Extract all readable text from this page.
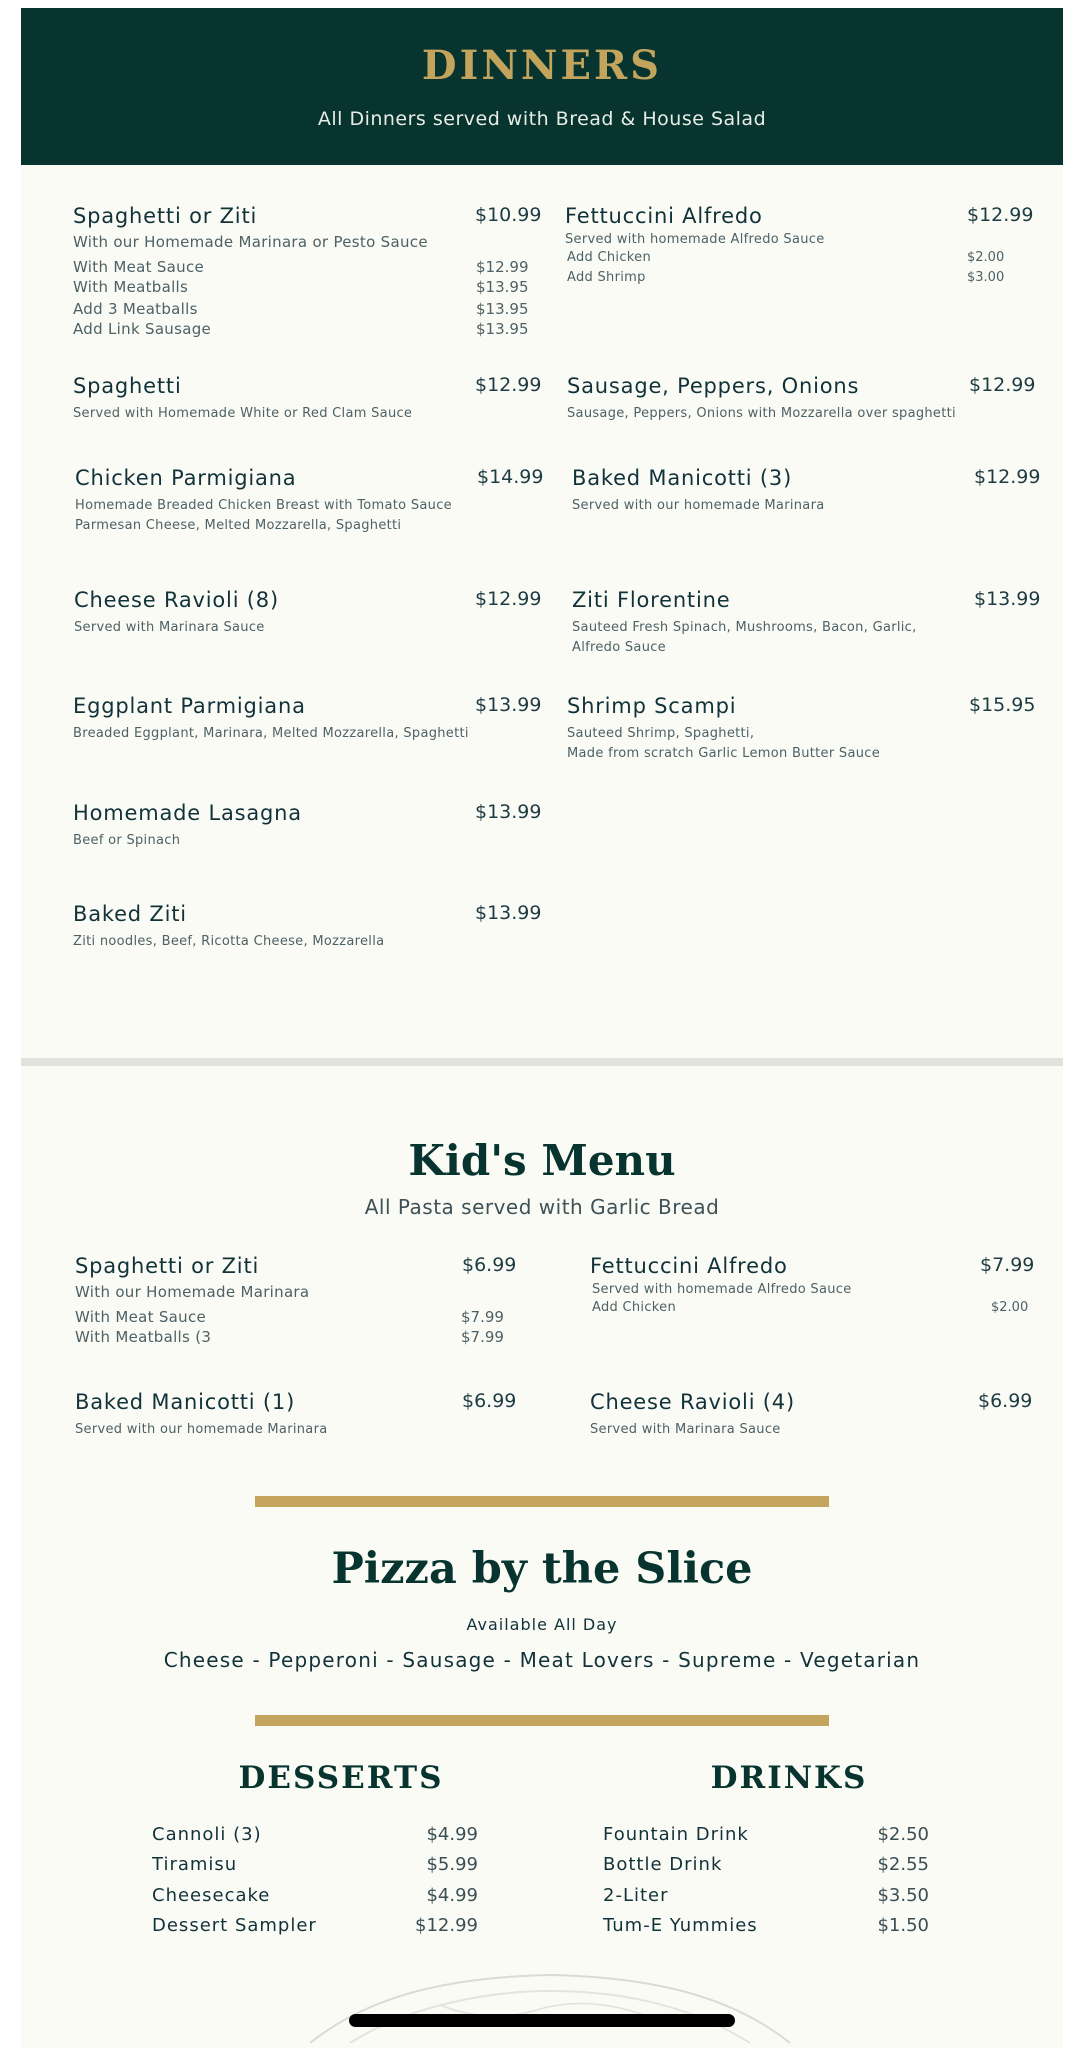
DINNERS
All Dinners served with Bread & House Salad
Spaghetti or Ziti	$10.99
With our Homemade Marinara or Pesto Sauce
With Meat Sauce	$12.99
With Meatballs	$13.95
Add 3 Meatballs	$13.95
Add Link Sausage	$13.95
Spaghetti	$12.99
Served with Homemade White or Red Clam Sauce
Chicken Parmigiana	$14.99
Homemade Breaded Chicken Breast with Tomato Sauce
Parmesan Cheese, Melted Mozzarella, Spaghetti
Cheese Ravioli (8)	$12.99
Served with Marinara Sauce
Eggplant Parmigiana	$13.99
Breaded Eggplant, Marinara, Melted Mozzarella, Spaghetti
Homemade Lasagna	$13.99
Beef or Spinach
Baked Ziti	$13.99
Ziti noodles, Beef, Ricotta Cheese, Mozzarella
Fettuccini Alfredo	$12.99
Served with homemade Alfredo Sauce
Add Chicken	$2.00
Add Shrimp	$3.00
Sausage, Peppers, Onions	$12.99
Sausage, Peppers, Onions with Mozzarella over spaghetti
Baked Manicotti (3)	$12.99
Served with our homemade Marinara
Ziti Florentine	$13.99
Sauteed Fresh Spinach, Mushrooms, Bacon, Garlic,
Alfredo Sauce
Shrimp Scampi	$15.95
Sauteed Shrimp, Spaghetti,
Made from scratch Garlic Lemon Butter Sauce
Kid's Menu
All Pasta served with Garlic Bread
Spaghetti or Ziti	$6.99
With our Homemade Marinara
With Meat Sauce	$7.99
With Meatballs (3	$7.99
Fettuccini Alfredo	$7.99
Served with homemade Alfredo Sauce
Add Chicken	$2.00
Baked Manicotti (1)	$6.99
Served with our homemade Marinara
Cheese Ravioli (4)	$6.99
Served with Marinara Sauce
Pizza by the Slice
Available All Day
Cheese - Pepperoni - Sausage - Meat Lovers - Supreme - Vegetarian
DESSERTS
Cannoli (3)	$4.99
Tiramisu	$5.99
Cheesecake	$4.99
Dessert Sampler	$12.99
DRINKS
Fountain Drink	$2.50
Bottle Drink	$2.55
2-Liter	$3.50
Tum-E Yummies	$1.50
